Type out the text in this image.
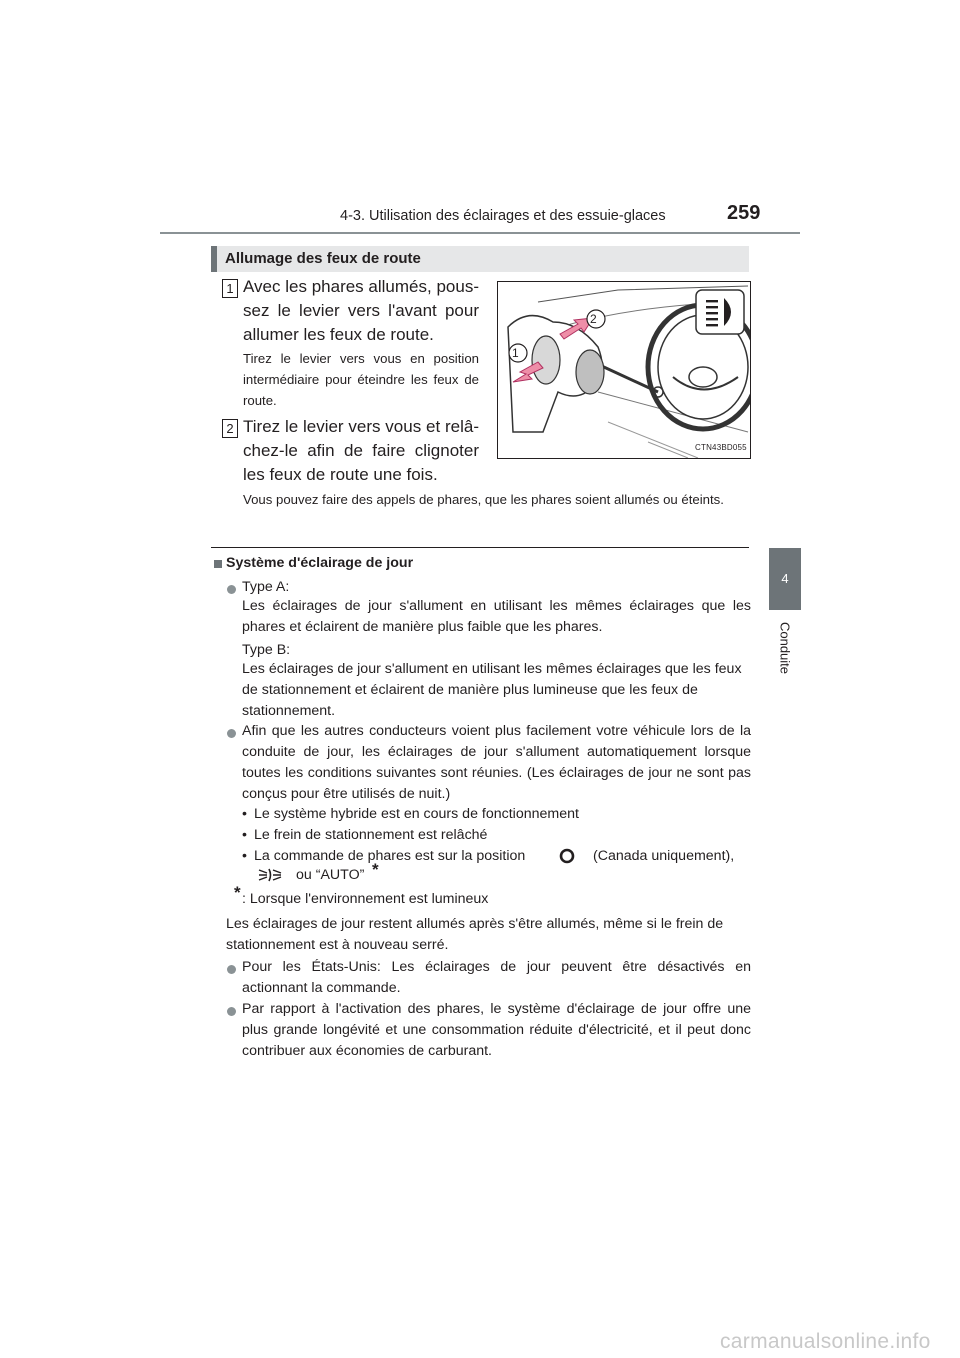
4-3. Utilisation des éclairages et des essuie-glaces	259
4
Conduite
Allumage des feux de route
1 Avec les phares allumés, pous-sez le levier vers l'avant pour allumer les feux de route.
Tirez le levier vers vous en position intermédiaire pour éteindre les feux de route.
2 Tirez le levier vers vous et relâ-chez-le afin de faire clignoter les feux de route une fois.
Vous pouvez faire des appels de phares, que les phares soient allumés ou éteints.
1
2
CTN43BD055
Système d'éclairage de jour
Type A:
Les éclairages de jour s'allument en utilisant les mêmes éclairages que les phares et éclairent de manière plus faible que les phares.
Type B:
Les éclairages de jour s'allument en utilisant les mêmes éclairages que les feux de stationnement et éclairent de manière plus lumineuse que les feux de stationnement.
Afin que les autres conducteurs voient plus facilement votre véhicule lors de la conduite de jour, les éclairages de jour s'allument automatiquement lorsque toutes les conditions suivantes sont réunies. (Les éclairages de jour ne sont pas conçus pour être utilisés de nuit.)
• Le système hybride est en cours de fonctionnement
• Le frein de stationnement est relâché
• La commande de phares est sur la position	(Canada uniquement),
ou “AUTO” *
* : Lorsque l'environnement est lumineux
Les éclairages de jour restent allumés après s'être allumés, même si le frein de stationnement est à nouveau serré.
Pour les États-Unis: Les éclairages de jour peuvent être désactivés en actionnant la commande.
Par rapport à l'activation des phares, le système d'éclairage de jour offre une plus grande longévité et une consommation réduite d'électricité, et il peut donc contribuer aux économies de carburant.
carmanualsonline.info
